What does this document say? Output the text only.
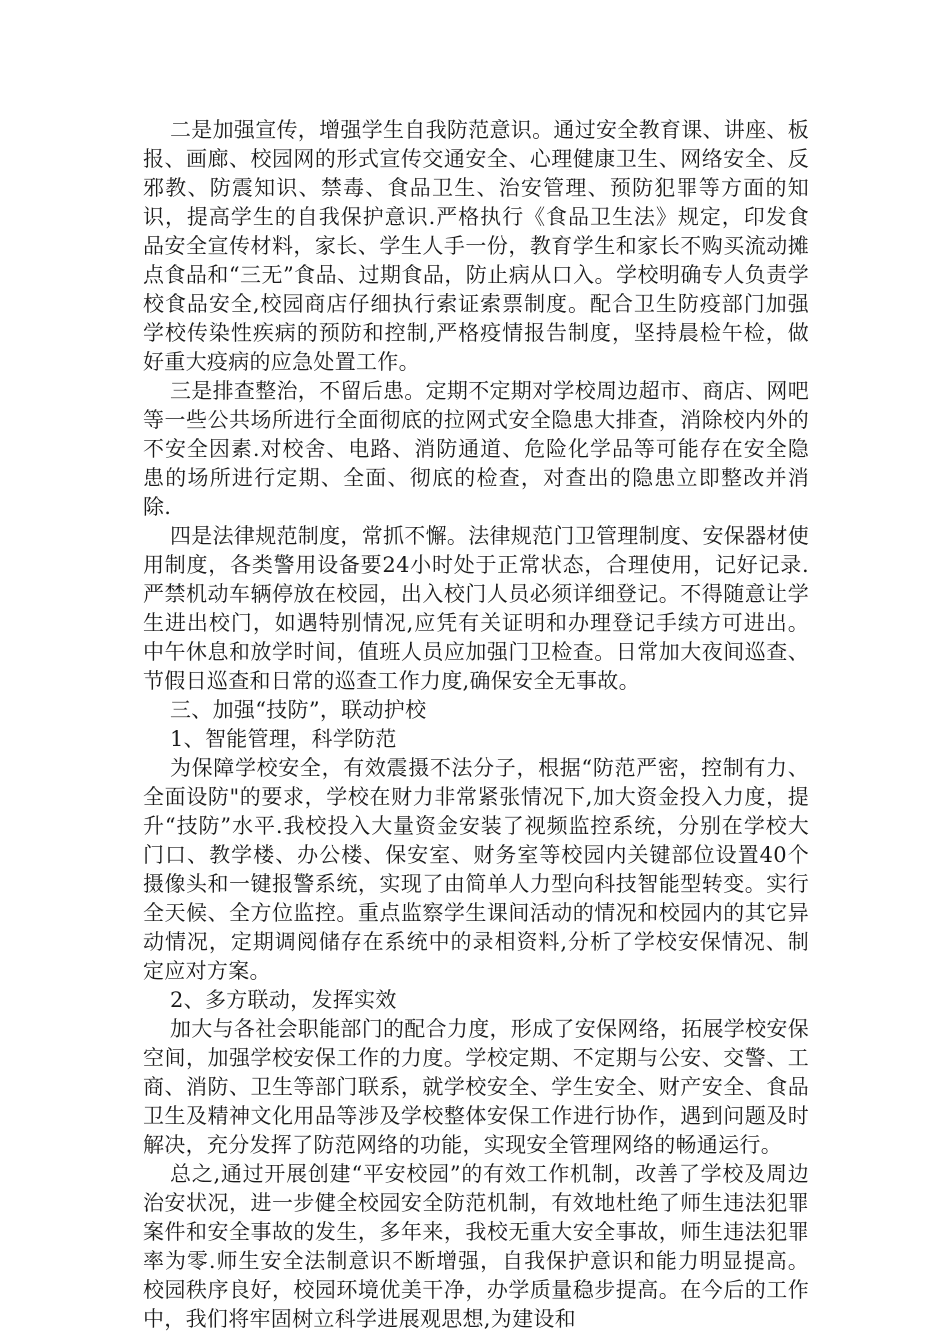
二是加强宣传，增强学生自我防范意识。通过安全教育课、讲座、板报、画廊、校园网的形式宣传交通安全、心理健康卫生、网络安全、反邪教、防震知识、禁毒、食品卫生、治安管理、预防犯罪等方面的知识，提高学生的自我保护意识.严格执行《食品卫生法》规定，印发食品安全宣传材料，家长、学生人手一份，教育学生和家长不购买流动摊点食品和“三无”食品、过期食品，防止病从口入。学校明确专人负责学校食品安全,校园商店仔细执行索证索票制度。配合卫生防疫部门加强学校传染性疾病的预防和控制,严格疫情报告制度，坚持晨检午检，做好重大疫病的应急处置工作。

三是排查整治，不留后患。定期不定期对学校周边超市、商店、网吧等一些公共场所进行全面彻底的拉网式安全隐患大排查，消除校内外的不安全因素.对校舍、电路、消防通道、危险化学品等可能存在安全隐患的场所进行定期、全面、彻底的检查，对查出的隐患立即整改并消除.

四是法律规范制度，常抓不懈。法律规范门卫管理制度、安保器材使用制度，各类警用设备要24小时处于正常状态，合理使用，记好记录.严禁机动车辆停放在校园，出入校门人员必须详细登记。不得随意让学生进出校门，如遇特别情况,应凭有关证明和办理登记手续方可进出。中午休息和放学时间，值班人员应加强门卫检查。日常加大夜间巡查、节假日巡查和日常的巡查工作力度,确保安全无事故。

三、加强“技防”，联动护校

1、智能管理，科学防范

为保障学校安全，有效震摄不法分子，根据“防范严密，控制有力、全面设防"的要求，学校在财力非常紧张情况下,加大资金投入力度，提升“技防”水平.我校投入大量资金安装了视频监控系统，分别在学校大门口、教学楼、办公楼、保安室、财务室等校园内关键部位设置40个摄像头和一键报警系统，实现了由简单人力型向科技智能型转变。实行全天候、全方位监控。重点监察学生课间活动的情况和校园内的其它异动情况，定期调阅储存在系统中的录相资料,分析了学校安保情况、制定应对方案。

2、多方联动，发挥实效

加大与各社会职能部门的配合力度，形成了安保网络，拓展学校安保空间，加强学校安保工作的力度。学校定期、不定期与公安、交警、工商、消防、卫生等部门联系，就学校安全、学生安全、财产安全、食品卫生及精神文化用品等涉及学校整体安保工作进行协作，遇到问题及时解决，充分发挥了防范网络的功能，实现安全管理网络的畅通运行。

总之,通过开展创建“平安校园”的有效工作机制，改善了学校及周边治安状况，进一步健全校园安全防范机制，有效地杜绝了师生违法犯罪案件和安全事故的发生，多年来，我校无重大安全事故，师生违法犯罪率为零.师生安全法制意识不断增强，自我保护意识和能力明显提高。校园秩序良好，校园环境优美干净，办学质量稳步提高。在今后的工作中，我们将牢固树立科学进展观思想,为建设和
